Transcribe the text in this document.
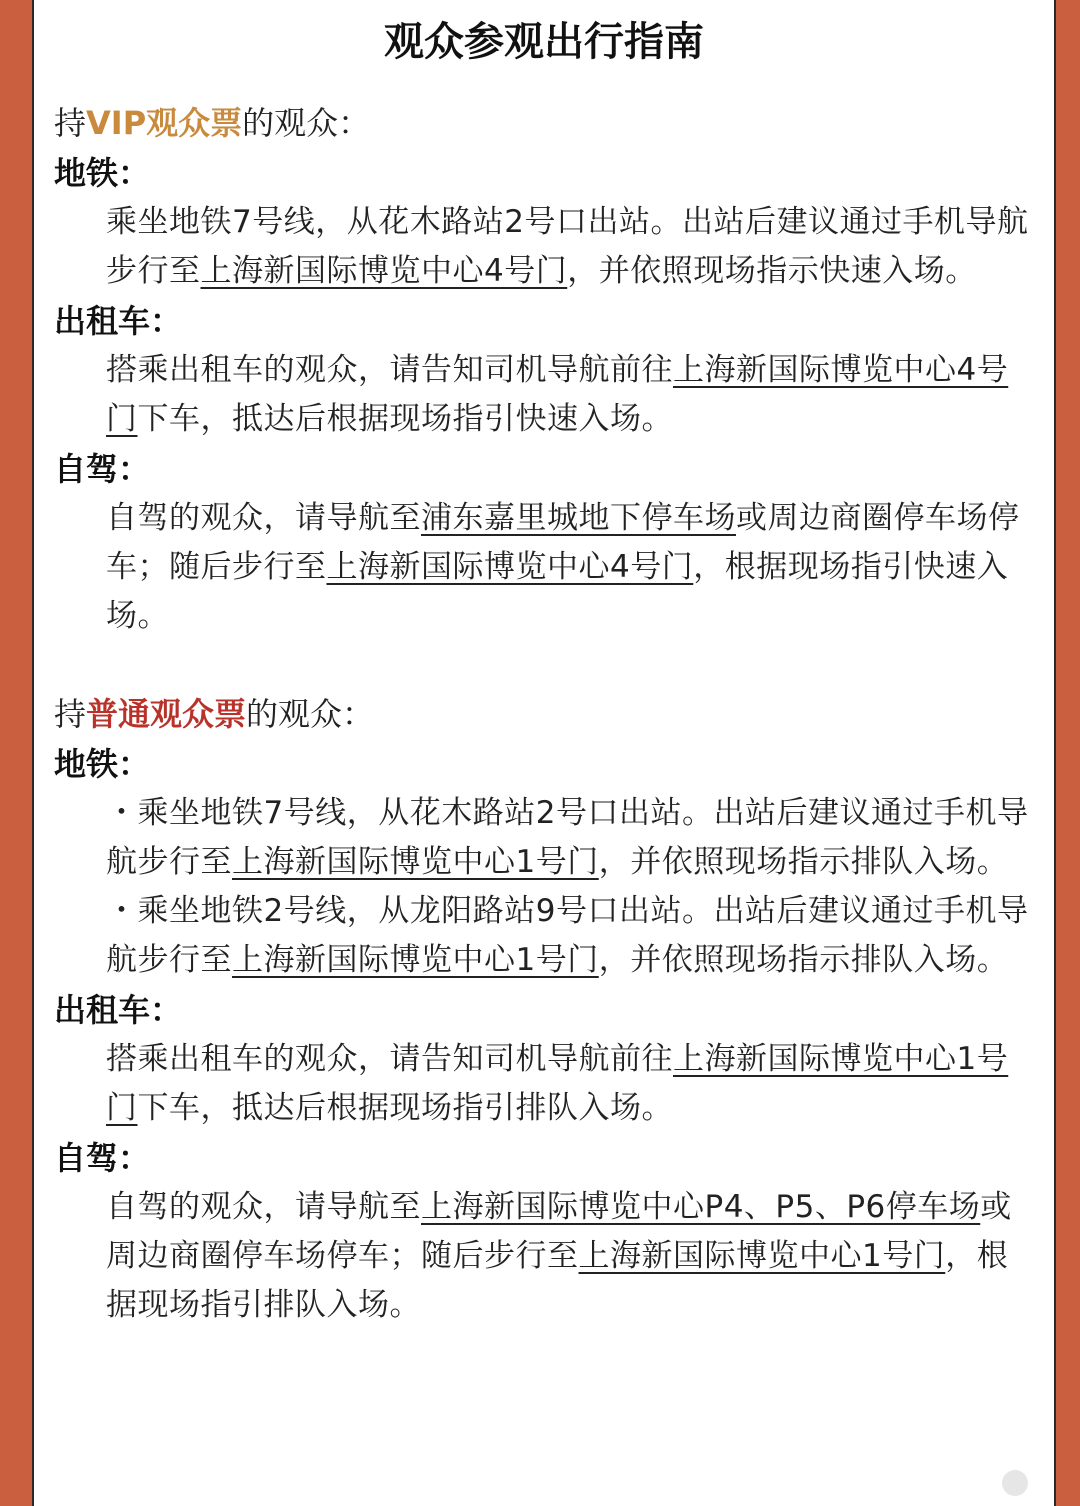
观众参观出行指南
持VIP观众票的观众：
地铁：
乘坐地铁7号线，从花木路站2号口出站。出站后建议通过手机导航步行至上海新国际博览中心4号门，并依照现场指示快速入场。
出租车：
搭乘出租车的观众，请告知司机导航前往上海新国际博览中心4号门下车，抵达后根据现场指引快速入场。
自驾：
自驾的观众，请导航至浦东嘉里城地下停车场或周边商圈停车场停车；随后步行至上海新国际博览中心4号门，根据现场指引快速入场。
持普通观众票的观众：
地铁：
・乘坐地铁7号线，从花木路站2号口出站。出站后建议通过手机导航步行至上海新国际博览中心1号门，并依照现场指示排队入场。
・乘坐地铁2号线，从龙阳路站9号口出站。出站后建议通过手机导航步行至上海新国际博览中心1号门，并依照现场指示排队入场。
出租车：
搭乘出租车的观众，请告知司机导航前往上海新国际博览中心1号门下车，抵达后根据现场指引排队入场。
自驾：
自驾的观众，请导航至上海新国际博览中心P4、P5、P6停车场或周边商圈停车场停车；随后步行至上海新国际博览中心1号门，根据现场指引排队入场。
